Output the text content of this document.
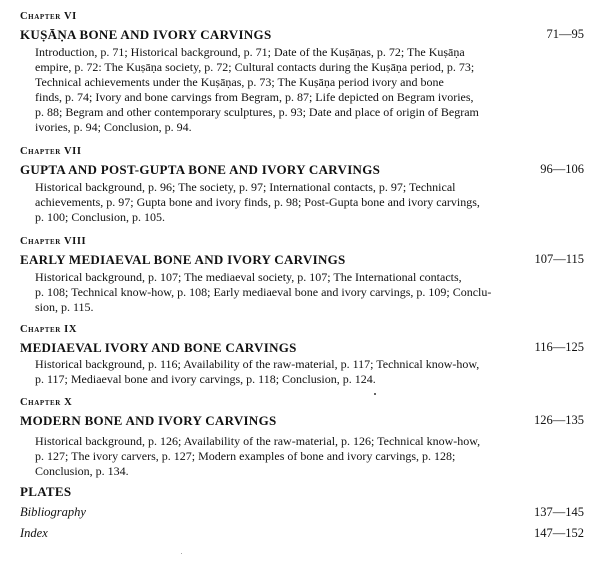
Chapter VI
KUṢĀṆA BONE AND IVORY CARVINGS	71—95
Introduction, p. 71; Historical background, p. 71; Date of the Kuṣāṇas, p. 72; The Kuṣāṇa
empire, p. 72: The Kuṣāṇa society, p. 72; Cultural contacts during the Kuṣāṇa period, p. 73;
Technical achievements under the Kuṣāṇas, p. 73; The Kuṣāṇa period ivory and bone
finds, p. 74; Ivory and bone carvings from Begram, p. 87; Life depicted on Begram ivories,
p. 88; Begram and other contemporary sculptures, p. 93; Date and place of origin of Begram
ivories, p. 94; Conclusion, p. 94.
Chapter VII
GUPTA AND POST-GUPTA BONE AND IVORY CARVINGS	96—106
Historical background, p. 96; The society, p. 97; International contacts, p. 97; Technical
achievements, p. 97; Gupta bone and ivory finds, p. 98; Post-Gupta bone and ivory carvings,
p. 100; Conclusion, p. 105.
Chapter VIII
EARLY MEDIAEVAL BONE AND IVORY CARVINGS	107—115
Historical background, p. 107; The mediaeval society, p. 107; The International contacts,
p. 108; Technical know-how, p. 108; Early mediaeval bone and ivory carvings, p. 109; Conclu-
sion, p. 115.
Chapter IX
MEDIAEVAL IVORY AND BONE CARVINGS	116—125
Historical background, p. 116; Availability of the raw-material, p. 117; Technical know-how,
p. 117; Mediaeval bone and ivory carvings, p. 118; Conclusion, p. 124.
Chapter X
MODERN BONE AND IVORY CARVINGS	126—135
Historical background, p. 126; Availability of the raw-material, p. 126; Technical know-how,
p. 127; The ivory carvers, p. 127; Modern examples of bone and ivory carvings, p. 128;
Conclusion, p. 134.
PLATES
Bibliography	137—145
Index	147—152
